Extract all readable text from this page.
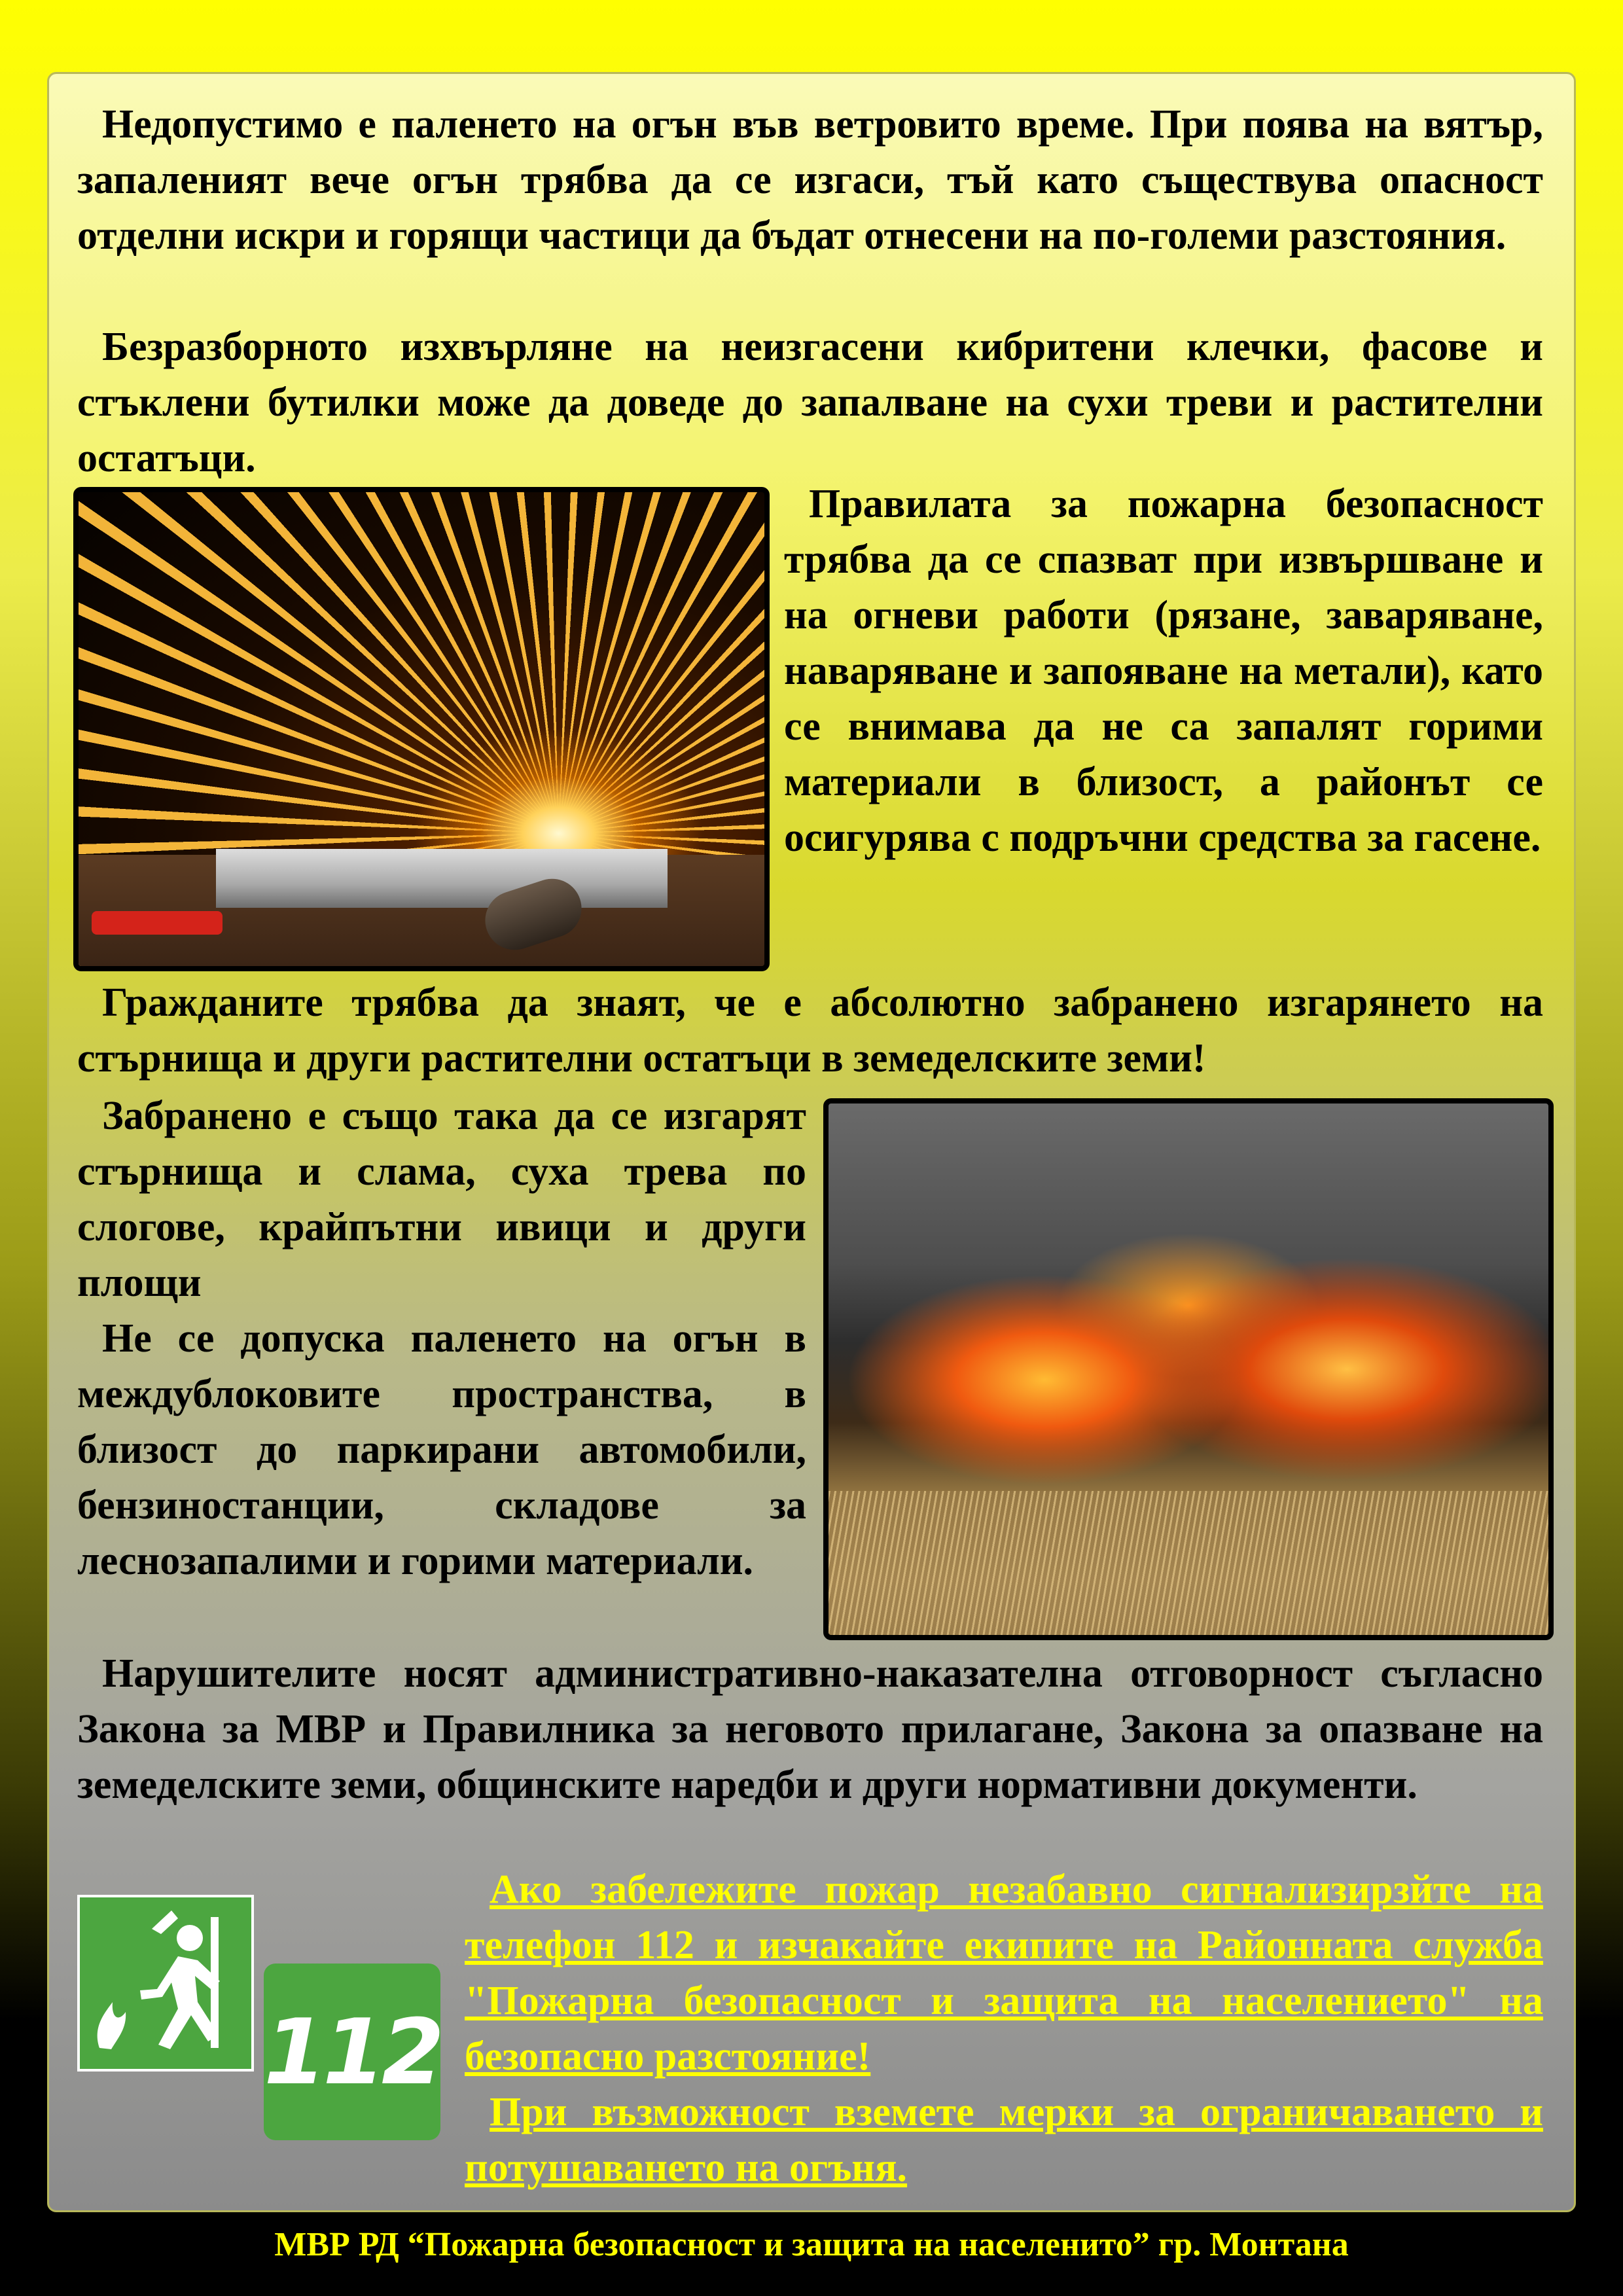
Недопустимо е паленето на огън във ветровито време. При поява на вятър, запаленият вече огън трябва да се изгаси, тъй като съществува опасност отделни искри и горящи частици да бъдат отнесени на по-големи разстояния.

Безразборното изхвърляне на неизгасени кибритени клечки, фасове и стъклени бутилки може да доведе до запалване на сухи треви и растителни остатъци.

Правилата за пожарна безопасност трябва да се спазват при извършване и на огневи работи (рязане, заваряване, наваряване и запояване на метали), като се внимава да не са запалят горими материали в близост, а районът се осигурява с подръчни средства за гасене.

Гражданите трябва да знаят, че е абсолютно забранено изгарянето на стърнища и други растителни остатъци в земеделските земи!

Забранено е също така да се изгарят стърнища и слама, суха трева по слогове, крайпътни ивици и други площи

Не се допуска паленето на огън в междублоковите пространства, в близост до паркирани автомобили, бензиностанции, складове за леснозапалими и горими материали.

Нарушителите носят административно-наказателна отговорност съгласно Закона за МВР и Правилника за неговото прилагане, Закона за опазване на земеделските земи, общинските наредби и други нормативни документи.

112

Ако забележите пожар незабавно сигнализирзйте на телефон 112 и изчакайте екипите на Районната служба "Пожарна безопасност и защита на населението" на безопасно разстояние!

При възможност вземете мерки за ограничаването и потушаването на огъня.

МВР РД “Пожарна безопасност и защита на населенито” гр. Монтана
